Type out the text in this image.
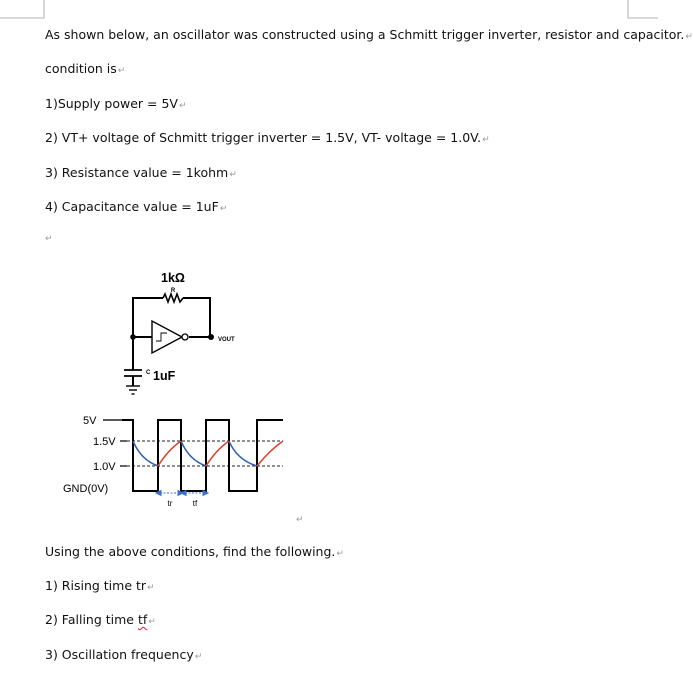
As shown below, an oscillator was constructed using a Schmitt trigger inverter, resistor and capacitor.↵
condition is↵
1)Supply power = 5V↵
2) VT+ voltage of Schmitt trigger inverter = 1.5V, VT- voltage = 1.0V.↵
3) Resistance value = 1kohm↵
4) Capacitance value = 1uF↵
↵
1kΩ
R
VOUT
C 1uF
5V
1.5V
1.0V
GND(0V)
tr	tf
↵
Using the above conditions, find the following.↵
1) Rising time tr↵
2) Falling time tf↵
3) Oscillation frequency↵
